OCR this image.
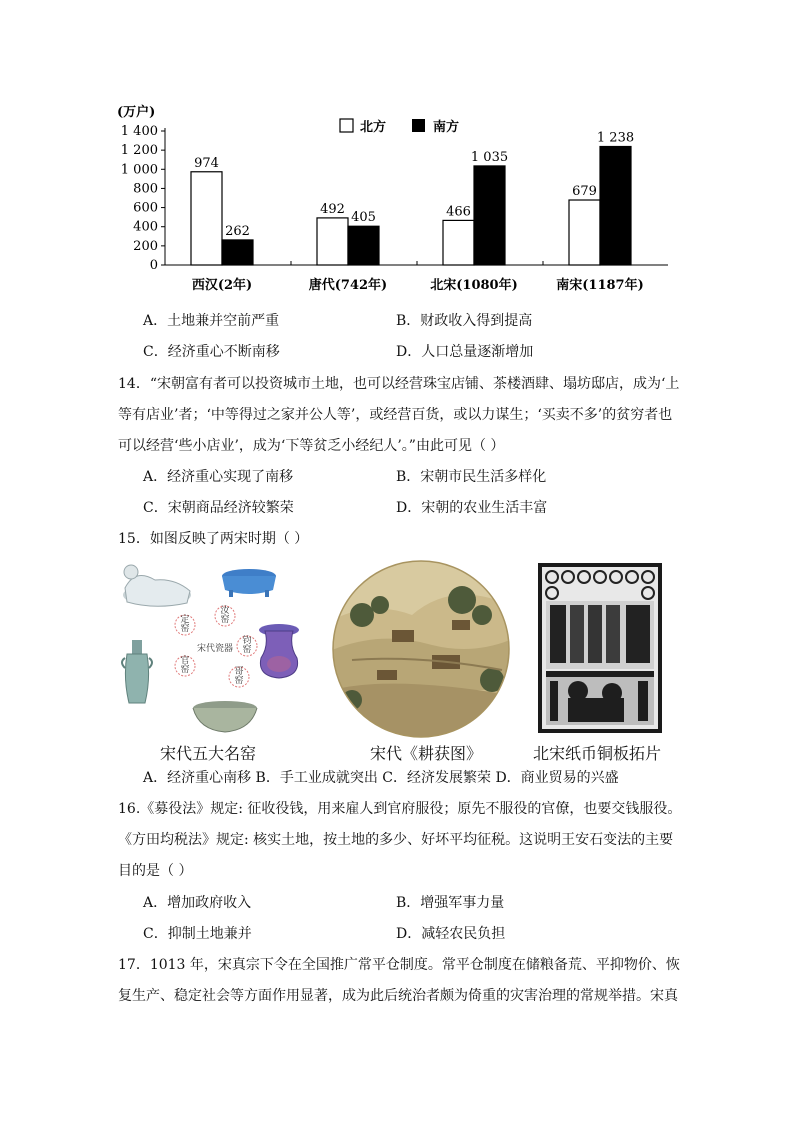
(万户)
0
200
400
600
800
1 000
1 200
1 400
974
262
492
405	466
1 035
679
1 238
西汉(2年)	唐代(742年)	北宋(1080年)	南宋(1187年)
北方	南方
A．土地兼并空前严重	B．财政收入得到提高
C．经济重心不断南移	D．人口总量逐渐增加
14．“宋朝富有者可以投资城市土地，也可以经营珠宝店铺、茶楼酒肆、塌坊邸店，成为‘上
等有店业’者；‘中等得过之家并公人等’，或经营百货，或以力谋生；‘买卖不多’的贫穷者也
可以经营‘些小店业’，成为‘下等贫乏小经纪人’。”由此可见（ ）
A．经济重心实现了南移	B．宋朝市民生活多样化
C．宋朝商品经济较繁荣	D．宋朝的农业生活丰富
15．如图反映了两宋时期（ ）
汝窑
钧窑
哥窑
官窑
定窑
宋代瓷器
宋代五大名窑	宋代《耕获图》	北宋纸币铜板拓片
A．经济重心南移 B．手工业成就突出 C．经济发展繁荣 D．商业贸易的兴盛
16.《募役法》规定: 征收役钱，用来雇人到官府服役；原先不服役的官僚，也要交钱服役。
《方田均税法》规定: 核实土地，按土地的多少、好坏平均征税。这说明王安石变法的主要
目的是（ ）
A．增加政府收入	B．增强军事力量
C．抑制土地兼并	D．减轻农民负担
17．1013 年，宋真宗下令在全国推广常平仓制度。常平仓制度在储粮备荒、平抑物价、恢
复生产、稳定社会等方面作用显著，成为此后统治者颇为倚重的灾害治理的常规举措。宋真
